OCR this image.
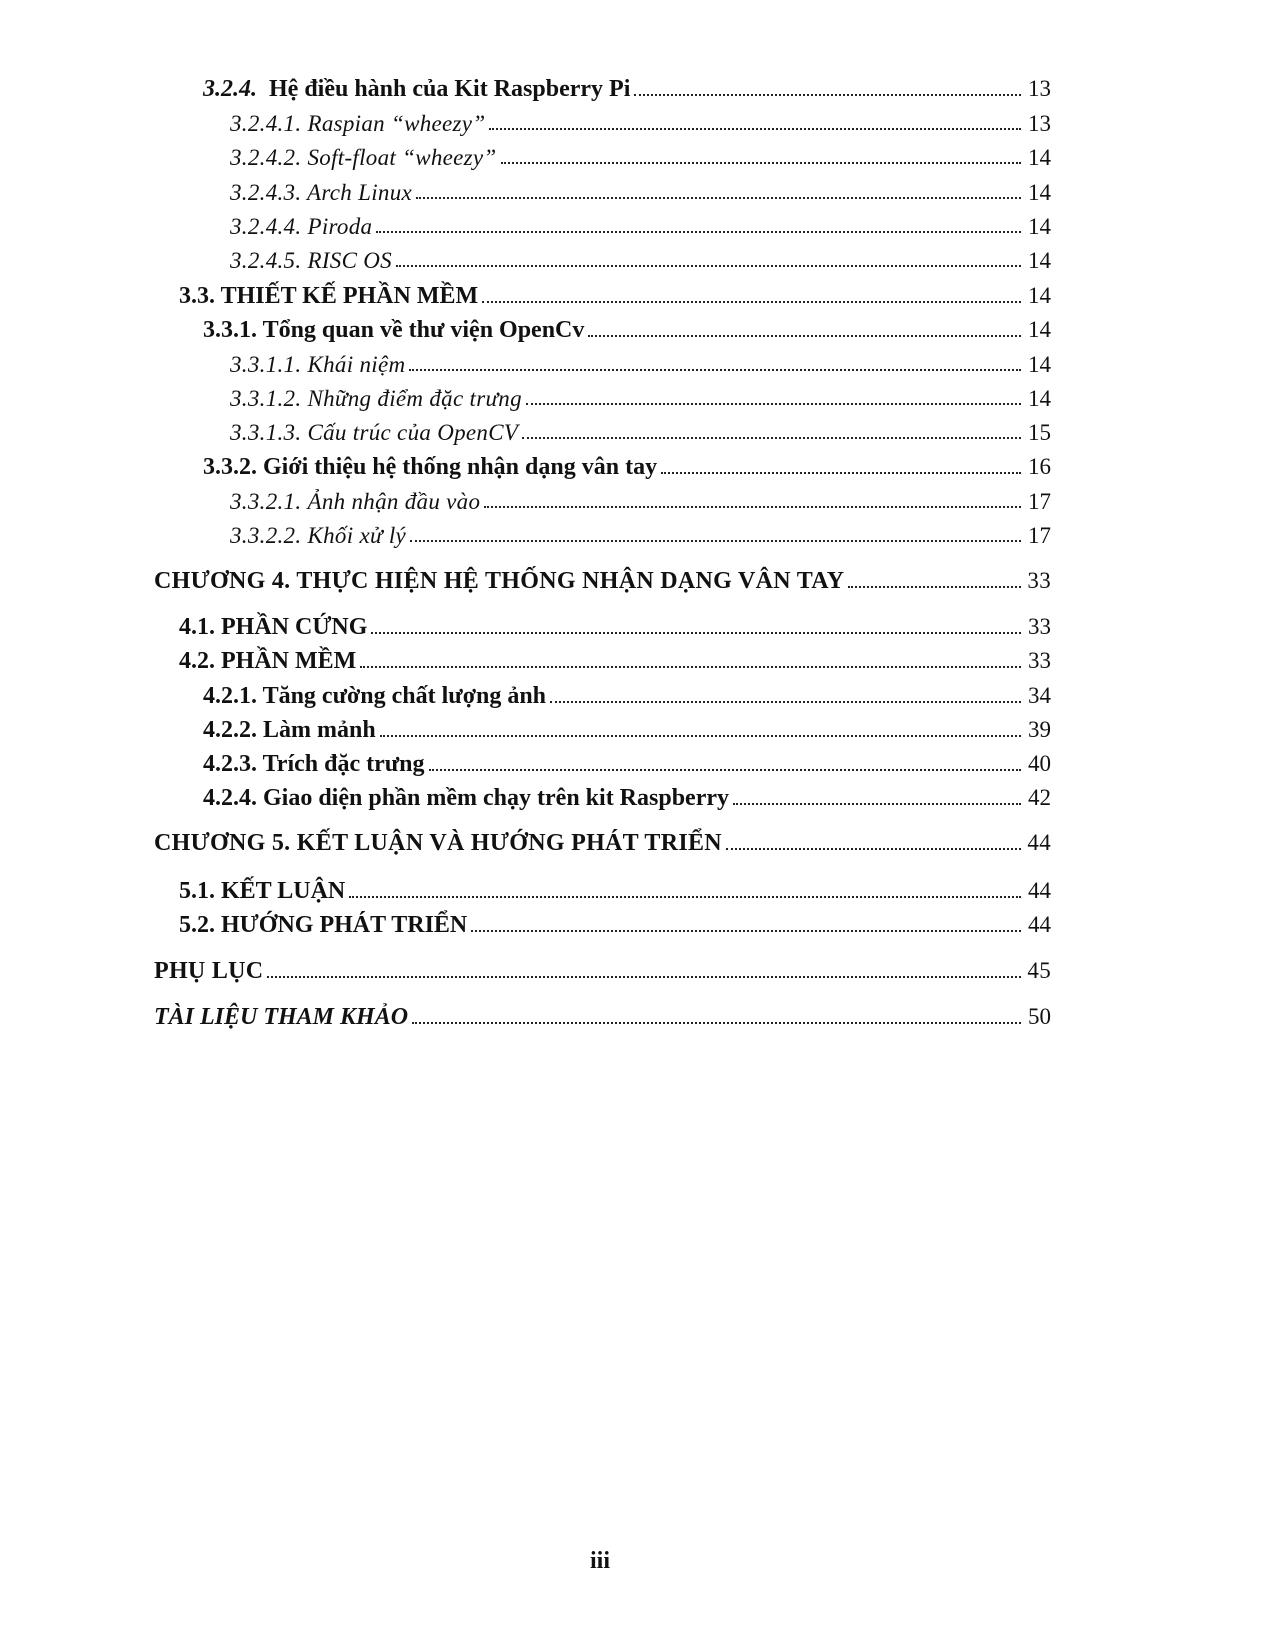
3.2.4. Hệ điều hành của Kit Raspberry Pi	13
3.2.4.1. Raspian “wheezy”	13
3.2.4.2. Soft-float “wheezy”	14
3.2.4.3. Arch Linux	14
3.2.4.4. Piroda	14
3.2.4.5. RISC OS	14
3.3. THIẾT KẾ PHẦN MỀM	14
3.3.1. Tổng quan về thư viện OpenCv	14
3.3.1.1. Khái niệm	14
3.3.1.2. Những điểm đặc trưng	14
3.3.1.3. Cấu trúc của OpenCV	15
3.3.2. Giới thiệu hệ thống nhận dạng vân tay	16
3.3.2.1. Ảnh nhận đầu vào	17
3.3.2.2. Khối xử lý	17
CHƯƠNG 4. THỰC HIỆN HỆ THỐNG NHẬN DẠNG VÂN TAY	33
4.1. PHẦN CỨNG	33
4.2. PHẦN MỀM	33
4.2.1. Tăng cường chất lượng ảnh	34
4.2.2. Làm mảnh	39
4.2.3. Trích đặc trưng	40
4.2.4. Giao diện phần mềm chạy trên kit Raspberry	42
CHƯƠNG 5. KẾT LUẬN VÀ HƯỚNG PHÁT TRIỂN	44
5.1. KẾT LUẬN	44
5.2. HƯỚNG PHÁT TRIỂN	44
PHỤ LỤC	45
TÀI LIỆU THAM KHẢO	50
iii
